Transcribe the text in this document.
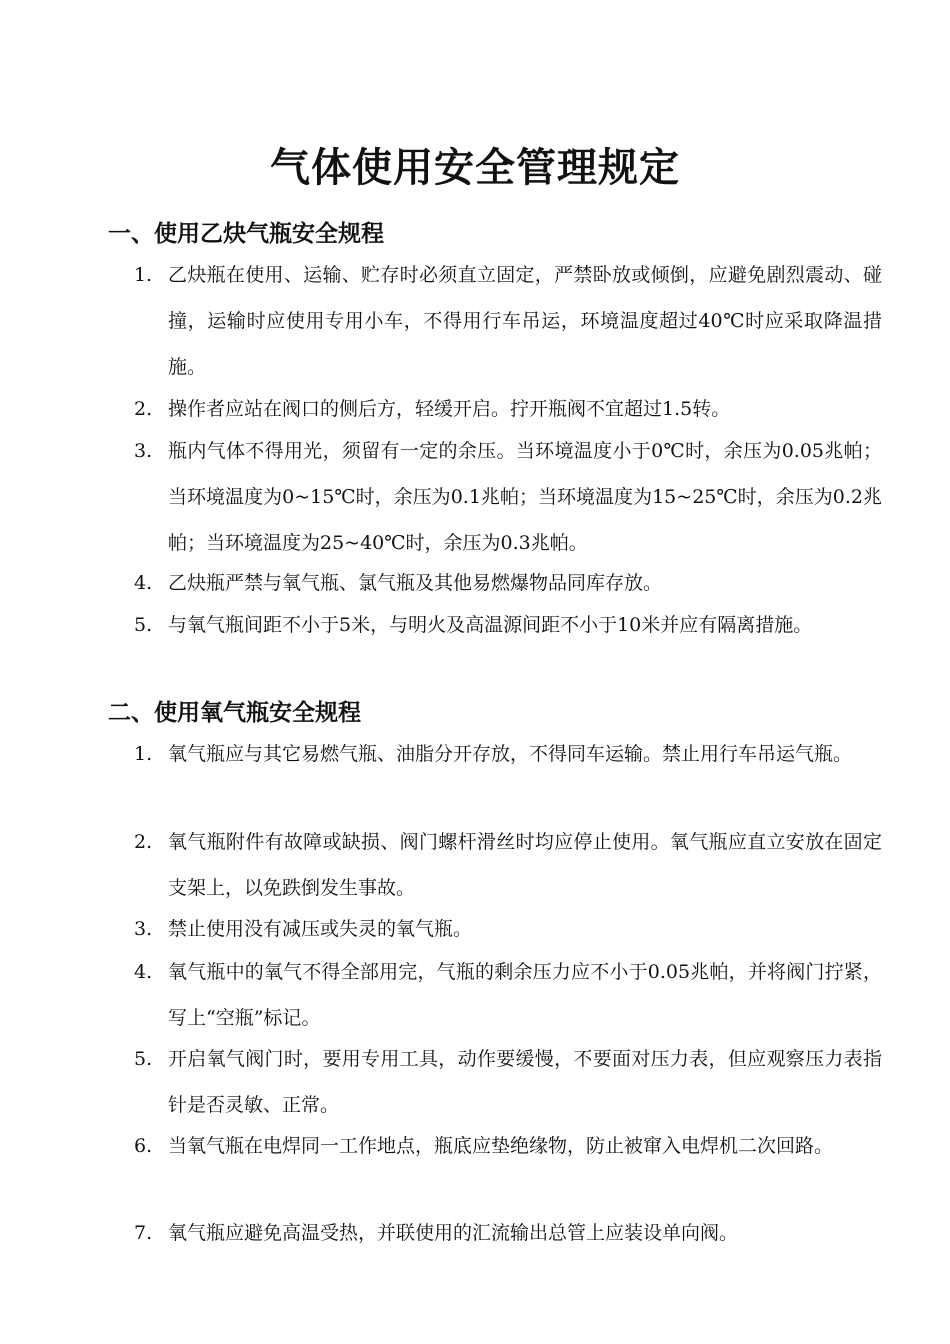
气体使用安全管理规定
一、使用乙炔气瓶安全规程
1. 乙炔瓶在使用、运输、贮存时必须直立固定，严禁卧放或倾倒，应避免剧烈震动、碰撞，运输时应使用专用小车，不得用行车吊运，环境温度超过40℃时应采取降温措施。
2. 操作者应站在阀口的侧后方，轻缓开启。拧开瓶阀不宜超过1.5转。
3. 瓶内气体不得用光，须留有一定的余压。当环境温度小于0℃时，余压为0.05兆帕；当环境温度为0~15℃时，余压为0.1兆帕；当环境温度为15~25℃时，余压为0.2兆帕；当环境温度为25~40℃时，余压为0.3兆帕。
4. 乙炔瓶严禁与氧气瓶、氯气瓶及其他易燃爆物品同库存放。
5. 与氧气瓶间距不小于5米，与明火及高温源间距不小于10米并应有隔离措施。
二、使用氧气瓶安全规程
1. 氧气瓶应与其它易燃气瓶、油脂分开存放，不得同车运输。禁止用行车吊运气瓶。
2. 氧气瓶附件有故障或缺损、阀门螺杆滑丝时均应停止使用。氧气瓶应直立安放在固定支架上，以免跌倒发生事故。
3. 禁止使用没有减压或失灵的氧气瓶。
4. 氧气瓶中的氧气不得全部用完，气瓶的剩余压力应不小于0.05兆帕，并将阀门拧紧，写上“空瓶”标记。
5. 开启氧气阀门时，要用专用工具，动作要缓慢，不要面对压力表，但应观察压力表指针是否灵敏、正常。
6. 当氧气瓶在电焊同一工作地点，瓶底应垫绝缘物，防止被窜入电焊机二次回路。
7. 氧气瓶应避免高温受热，并联使用的汇流输出总管上应装设单向阀。
